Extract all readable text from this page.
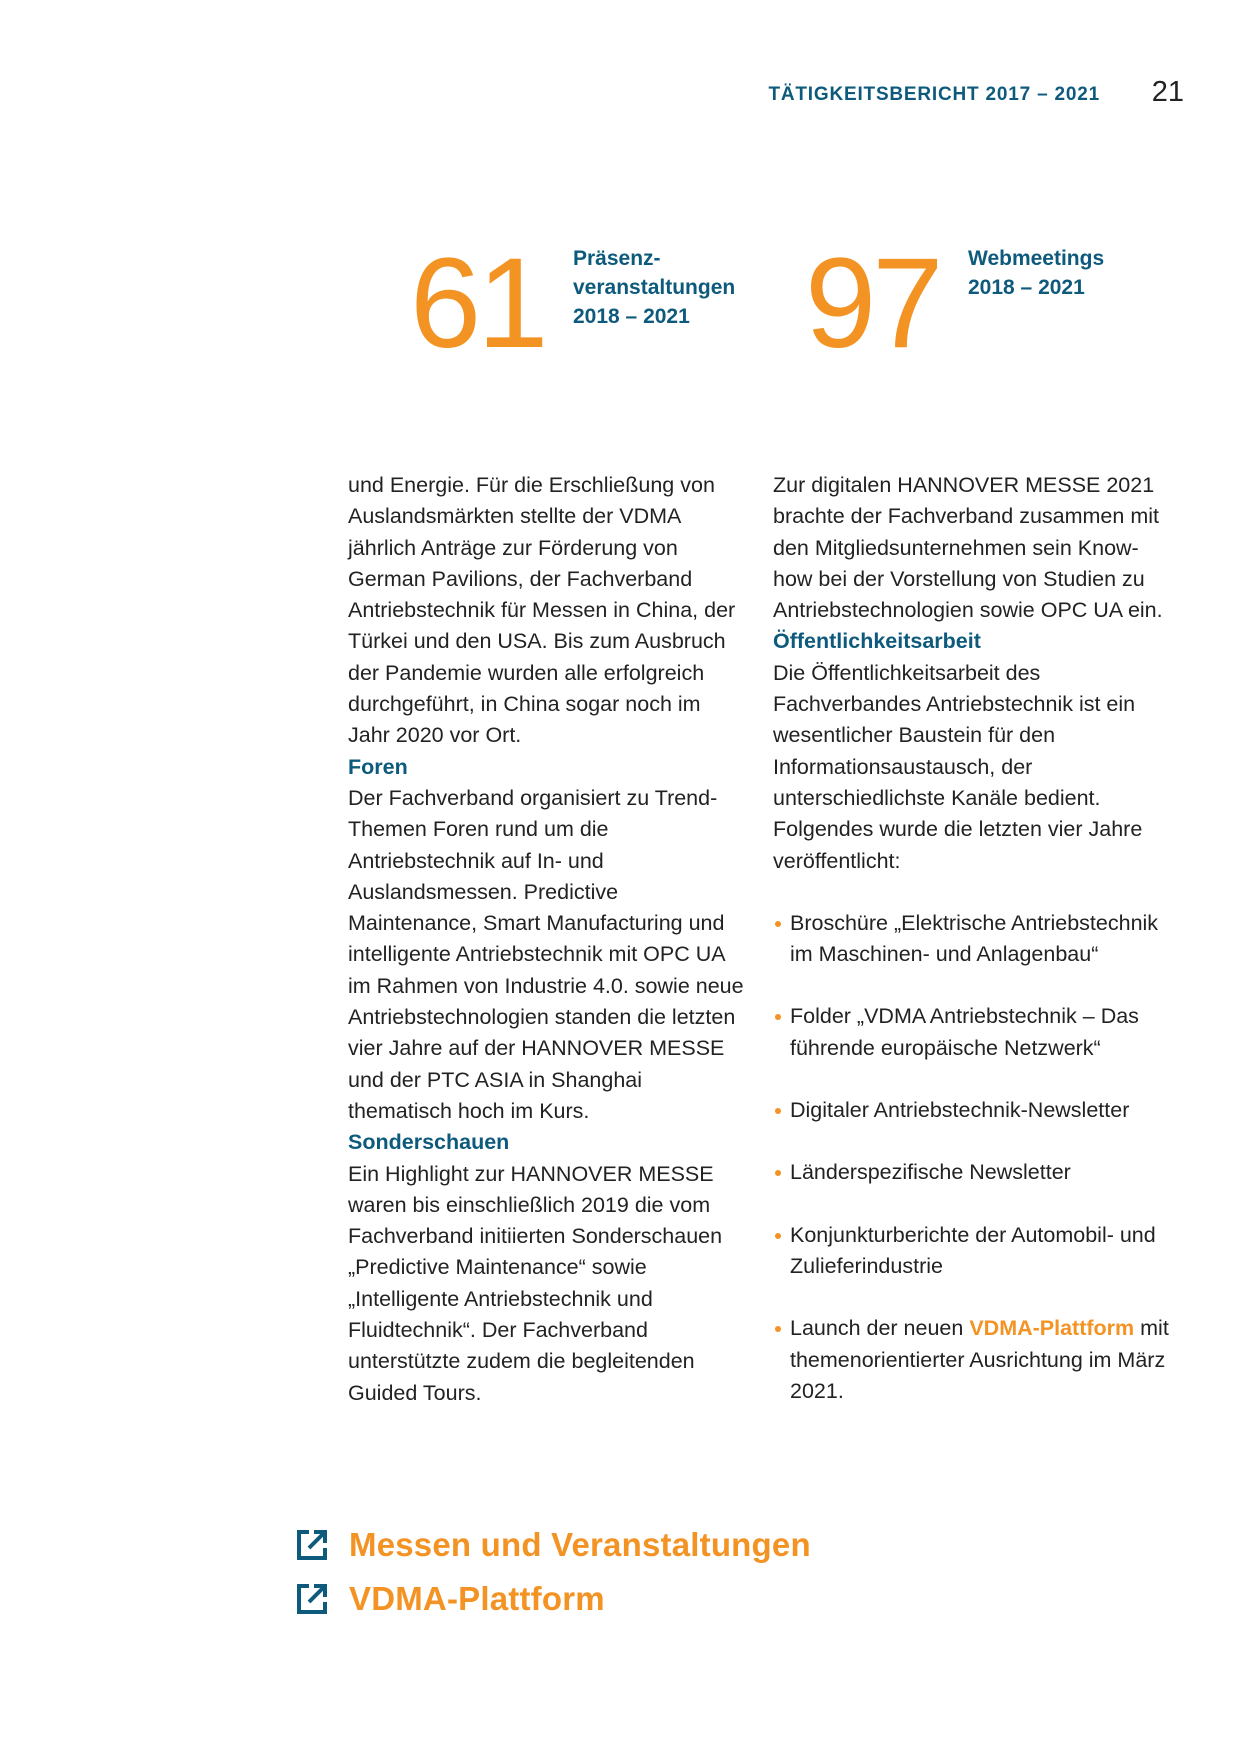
TÄTIGKEITSBERICHT 2017 – 2021 21
61 Präsenz-
veranstaltungen
2018 – 2021 97 Webmeetings
2018 – 2021

und Energie. Für die Erschließung von Auslandsmärkten stellte der VDMA jährlich Anträge zur Förderung von German Pavilions, der Fachverband Antriebstechnik für Messen in China, der Türkei und den USA. Bis zum Ausbruch der Pandemie wurden alle erfolgreich durchgeführt, in China sogar noch im Jahr 2020 vor Ort.

Foren

Der Fachverband organisiert zu Trend-Themen Foren rund um die Antriebstechnik auf In- und Auslandsmessen. Predictive Maintenance, Smart Manufacturing und intelligente Antriebstechnik mit OPC UA im Rahmen von Industrie 4.0. sowie neue Antriebstechnologien standen die letzten vier Jahre auf der HANNOVER MESSE und der PTC ASIA in Shanghai thematisch hoch im Kurs.

Sonderschauen

Ein Highlight zur HANNOVER MESSE waren bis einschließlich 2019 die vom Fachverband initiierten Sonderschauen „Predictive Maintenance“ sowie „Intelligente Antriebstechnik und Fluidtechnik“. Der Fachverband unterstützte zudem die begleitenden Guided Tours.

Zur digitalen HANNOVER MESSE 2021 brachte der Fachverband zusammen mit den Mitgliedsunternehmen sein Know-how bei der Vorstellung von Studien zu Antriebstechnologien sowie OPC UA ein.

Öffentlichkeitsarbeit

Die Öffentlichkeitsarbeit des Fachverbandes Antriebstechnik ist ein wesentlicher Baustein für den Informationsaustausch, der unterschiedlichste Kanäle bedient. Folgendes wurde die letzten vier Jahre veröffentlicht:

Broschüre „Elektrische Antriebstechnik im Maschinen- und Anlagenbau“
Folder „VDMA Antriebstechnik – Das führende europäische Netzwerk“
Digitaler Antriebstechnik-Newsletter
Länderspezifische Newsletter
Konjunkturberichte der Automobil- und Zulieferindustrie
Launch der neuen VDMA-Plattform mit themenorientierter Ausrichtung im März 2021.
Messen und Veranstaltungen
VDMA-Plattform
